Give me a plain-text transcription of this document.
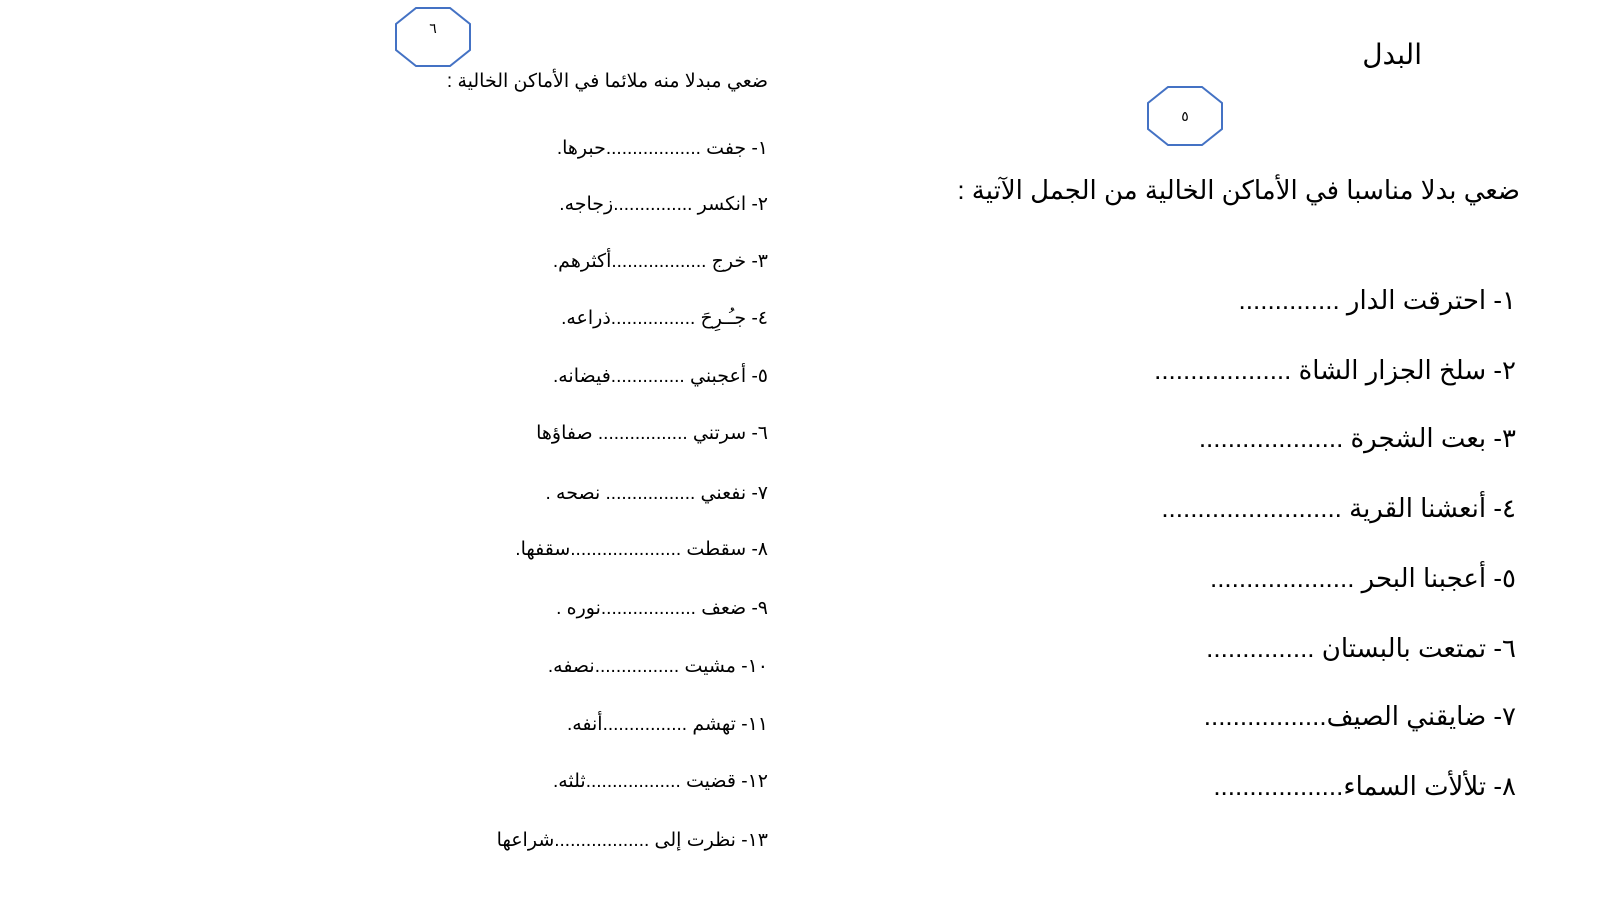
البدل
٥
ضعي بدلا مناسبا في الأماكن الخالية من الجمل الآتية :
١- احترقت الدار ..............
٢- سلخ الجزار الشاة ...................
٣- بعت الشجرة ....................
٤- أنعشنا القرية .........................
٥- أعجبنا البحر ....................
٦- تمتعت بالبستان ...............
٧- ضايقني الصيف.................
٨- تلألأت السماء..................
٦
ضعي مبدلا منه ملائما في الأماكن الخالية :
١- جفت ..................حبرها.
٢- انكسر ...............زجاجه.
٣- خرج ..................أكثرهم.
٤- جـُـرِحَ ................ذراعه.
٥- أعجبني ..............فيضانه.
٦- سرتني ................. صفاؤها
٧- نفعني ................. نصحه .
٨- سقطت .....................سقفها.
٩- ضعف ..................نوره .
١٠- مشيت ................نصفه.
١١- تهشم ................أنفه.
١٢- قضيت ..................ثلثه.
١٣- نظرت إلى ..................شراعها
